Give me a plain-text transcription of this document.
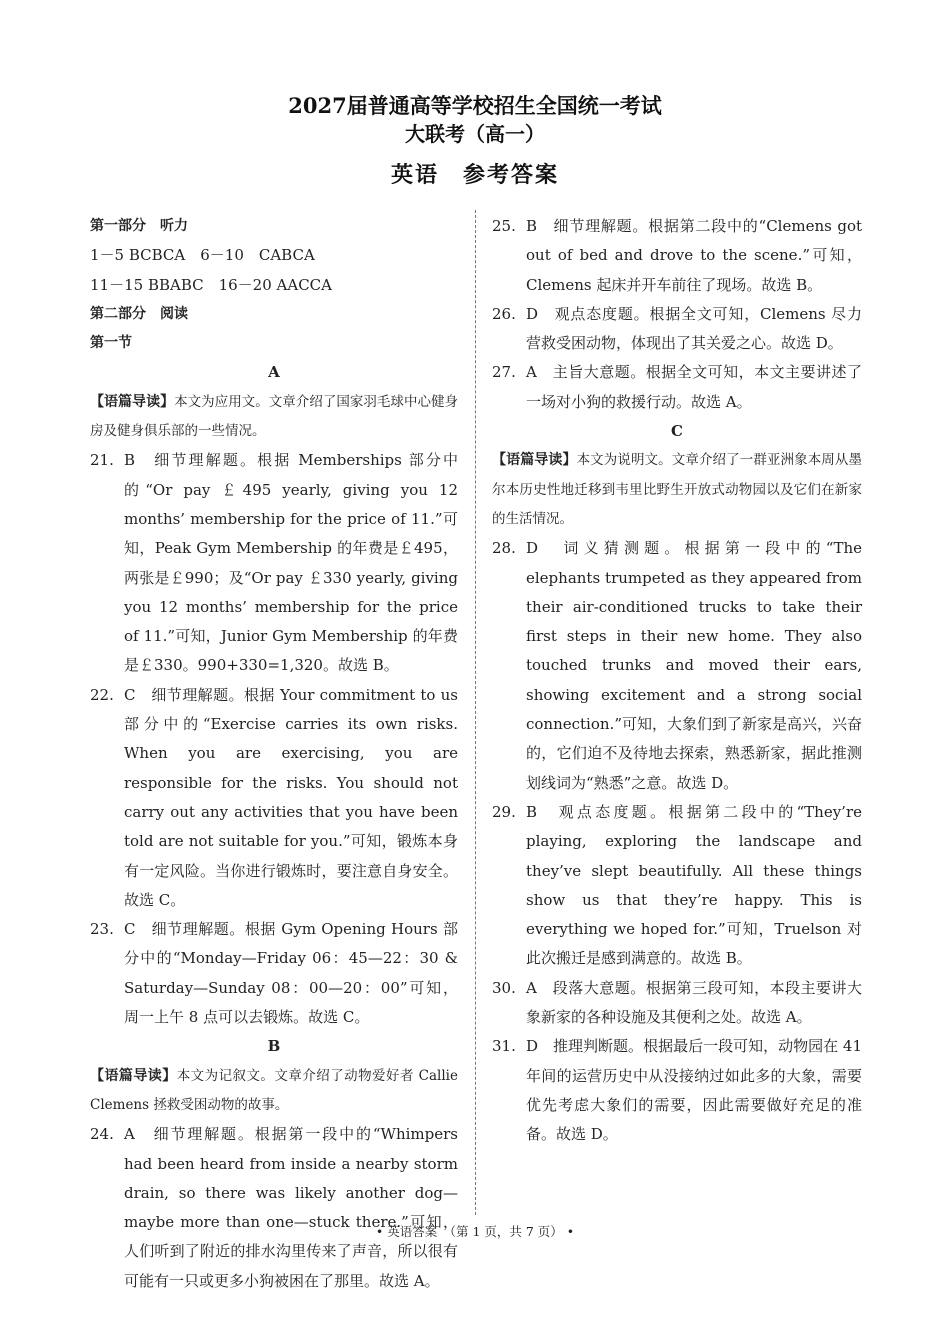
2027届普通高等学校招生全国统一考试
大联考（高一）
英语　参考答案
第一部分　听力
1－5 BCBCA　6－10　CABCA
11－15 BBABC　16－20 AACCA
第二部分　阅读
第一节
A
【语篇导读】本文为应用文。文章介绍了国家羽毛球中心健身房及健身俱乐部的一些情况。
21. B　细节理解题。根据 Memberships 部分中的“Or pay ￡495 yearly, giving you 12 months’ membership for the price of 11.”可知，Peak Gym Membership 的年费是￡495，两张是￡990；及“Or pay ￡330 yearly, giving you 12 months’ membership for the price of 11.”可知，Junior Gym Membership 的年费是￡330。990+330=1,320。故选 B。
22. C　细节理解题。根据 Your commitment to us 部分中的“Exercise carries its own risks. When you are exercising, you are responsible for the risks. You should not carry out any activities that you have been told are not suitable for you.”可知，锻炼本身有一定风险。当你进行锻炼时，要注意自身安全。故选 C。
23. C　细节理解题。根据 Gym Opening Hours 部分中的“Monday—Friday 06：45—22：30 & Saturday—Sunday 08：00—20：00”可知，周一上午 8 点可以去锻炼。故选 C。
B
【语篇导读】本文为记叙文。文章介绍了动物爱好者 Callie Clemens 拯救受困动物的故事。
24. A　细节理解题。根据第一段中的“Whimpers had been heard from inside a nearby storm drain, so there was likely another dog—maybe more than one—stuck there.”可知，人们听到了附近的排水沟里传来了声音，所以很有可能有一只或更多小狗被困在了那里。故选 A。
25. B　细节理解题。根据第二段中的“Clemens got out of bed and drove to the scene.”可知，Clemens 起床并开车前往了现场。故选 B。
26. D　观点态度题。根据全文可知，Clemens 尽力营救受困动物，体现出了其关爱之心。故选 D。
27. A　主旨大意题。根据全文可知，本文主要讲述了一场对小狗的救援行动。故选 A。
C
【语篇导读】本文为说明文。文章介绍了一群亚洲象本周从墨尔本历史性地迁移到韦里比野生开放式动物园以及它们在新家的生活情况。
28. D　词义猜测题。根据第一段中的“The elephants trumpeted as they appeared from their air-conditioned trucks to take their first steps in their new home. They also touched trunks and moved their ears, showing excitement and a strong social connection.”可知，大象们到了新家是高兴，兴奋的，它们迫不及待地去探索，熟悉新家，据此推测划线词为“熟悉”之意。故选 D。
29. B　观点态度题。根据第二段中的“They’re playing, exploring the landscape and they’ve slept beautifully. All these things show us that they’re happy. This is everything we hoped for.”可知，Truelson 对此次搬迁是感到满意的。故选 B。
30. A　段落大意题。根据第三段可知，本段主要讲大象新家的各种设施及其便利之处。故选 A。
31. D　推理判断题。根据最后一段可知，动物园在 41 年间的运营历史中从没接纳过如此多的大象，需要优先考虑大象们的需要，因此需要做好充足的准备。故选 D。
• 英语答案　（第 1 页，共 7 页） •
